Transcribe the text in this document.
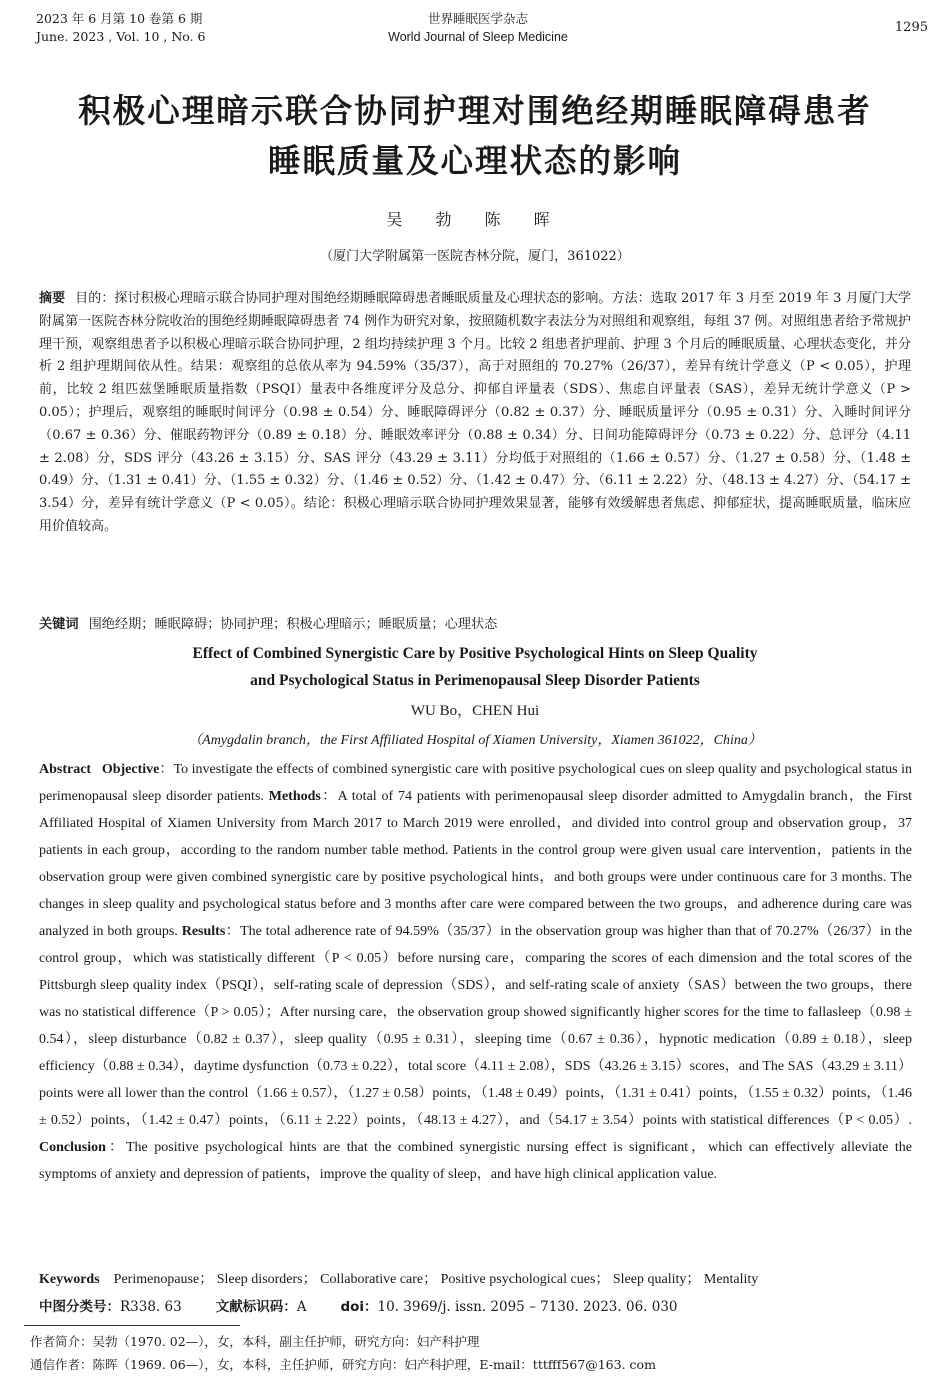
2023 年 6 月第 10 卷第 6 期
June. 2023 , Vol. 10 , No. 6
世界睡眠医学杂志
World Journal of Sleep Medicine
1295
积极心理暗示联合协同护理对围绝经期睡眠障碍患者
睡眠质量及心理状态的影响
吴 勃 陈 晖
（厦门大学附属第一医院杏林分院，厦门，361022）
摘要 目的：探讨积极心理暗示联合协同护理对围绝经期睡眠障碍患者睡眠质量及心理状态的影响。方法：选取 2017 年 3 月至 2019 年 3 月厦门大学附属第一医院杏林分院收治的围绝经期睡眠障碍患者 74 例作为研究对象，按照随机数字表法分为对照组和观察组，每组 37 例。对照组患者给予常规护理干预，观察组患者予以积极心理暗示联合协同护理，2 组均持续护理 3 个月。比较 2 组患者护理前、护理 3 个月后的睡眠质量、心理状态变化，并分析 2 组护理期间依从性。结果：观察组的总依从率为 94.59%（35/37），高于对照组的 70.27%（26/37），差异有统计学意义（P < 0.05），护理前，比较 2 组匹兹堡睡眠质量指数（PSQI）量表中各维度评分及总分、抑郁自评量表（SDS）、焦虑自评量表（SAS），差异无统计学意义（P > 0.05）；护理后，观察组的睡眠时间评分（0.98 ± 0.54）分、睡眠障碍评分（0.82 ± 0.37）分、睡眠质量评分（0.95 ± 0.31）分、入睡时间评分（0.67 ± 0.36）分、催眠药物评分（0.89 ± 0.18）分、睡眠效率评分（0.88 ± 0.34）分、日间功能障碍评分（0.73 ± 0.22）分、总评分（4.11 ± 2.08）分，SDS 评分（43.26 ± 3.15）分、SAS 评分（43.29 ± 3.11）分均低于对照组的（1.66 ± 0.57）分、（1.27 ± 0.58）分、（1.48 ± 0.49）分、（1.31 ± 0.41）分、（1.55 ± 0.32）分、（1.46 ± 0.52）分、（1.42 ± 0.47）分、（6.11 ± 2.22）分、（48.13 ± 4.27）分、（54.17 ± 3.54）分，差异有统计学意义（P < 0.05）。结论：积极心理暗示联合协同护理效果显著，能够有效缓解患者焦虑、抑郁症状，提高睡眠质量，临床应用价值较高。
关键词 围绝经期；睡眠障碍；协同护理；积极心理暗示；睡眠质量；心理状态
Effect of Combined Synergistic Care by Positive Psychological Hints on Sleep Quality
and Psychological Status in Perimenopausal Sleep Disorder Patients
WU Bo，CHEN Hui
（Amygdalin branch，the First Affiliated Hospital of Xiamen University，Xiamen 361022，China）
Abstract Objective：To investigate the effects of combined synergistic care with positive psychological cues on sleep quality and psychological status in perimenopausal sleep disorder patients. Methods：A total of 74 patients with perimenopausal sleep disorder admitted to Amygdalin branch，the First Affiliated Hospital of Xiamen University from March 2017 to March 2019 were enrolled，and divided into control group and observation group，37 patients in each group，according to the random number table method. Patients in the control group were given usual care intervention，patients in the observation group were given combined synergistic care by positive psychological hints，and both groups were under continuous care for 3 months. The changes in sleep quality and psychological status before and 3 months after care were compared between the two groups，and adherence during care was analyzed in both groups. Results：The total adherence rate of 94.59%（35/37）in the observation group was higher than that of 70.27%（26/37）in the control group，which was statistically different（P < 0.05）before nursing care，comparing the scores of each dimension and the total scores of the Pittsburgh sleep quality index（PSQI），self-rating scale of depression（SDS），and self-rating scale of anxiety（SAS）between the two groups，there was no statistical difference（P > 0.05）；After nursing care，the observation group showed significantly higher scores for the time to fallasleep（0.98 ± 0.54），sleep disturbance（0.82 ± 0.37），sleep quality（0.95 ± 0.31），sleeping time（0.67 ± 0.36），hypnotic medication（0.89 ± 0.18），sleep efficiency（0.88 ± 0.34），daytime dysfunction（0.73 ± 0.22），total score（4.11 ± 2.08），SDS（43.26 ± 3.15）scores，and The SAS（43.29 ± 3.11）points were all lower than the control（1.66 ± 0.57），（1.27 ± 0.58）points，（1.48 ± 0.49）points，（1.31 ± 0.41）points，（1.55 ± 0.32）points，（1.46 ± 0.52）points，（1.42 ± 0.47）points，（6.11 ± 2.22）points，（48.13 ± 4.27），and（54.17 ± 3.54）points with statistical differences（P < 0.05）. Conclusion：The positive psychological hints are that the combined synergistic nursing effect is significant，which can effectively alleviate the symptoms of anxiety and depression of patients，improve the quality of sleep，and have high clinical application value.
Keywords Perimenopause； Sleep disorders； Collaborative care； Positive psychological cues； Sleep quality； Mentality
中图分类号：R338. 63	文献标识码：A	doi：10. 3969/j. issn. 2095 – 7130. 2023. 06. 030
作者简介：吴勃（1970. 02—），女，本科，副主任护师，研究方向：妇产科护理
通信作者：陈晖（1969. 06—），女，本科，主任护师，研究方向：妇产科护理，E-mail：tttfff567@163. com
